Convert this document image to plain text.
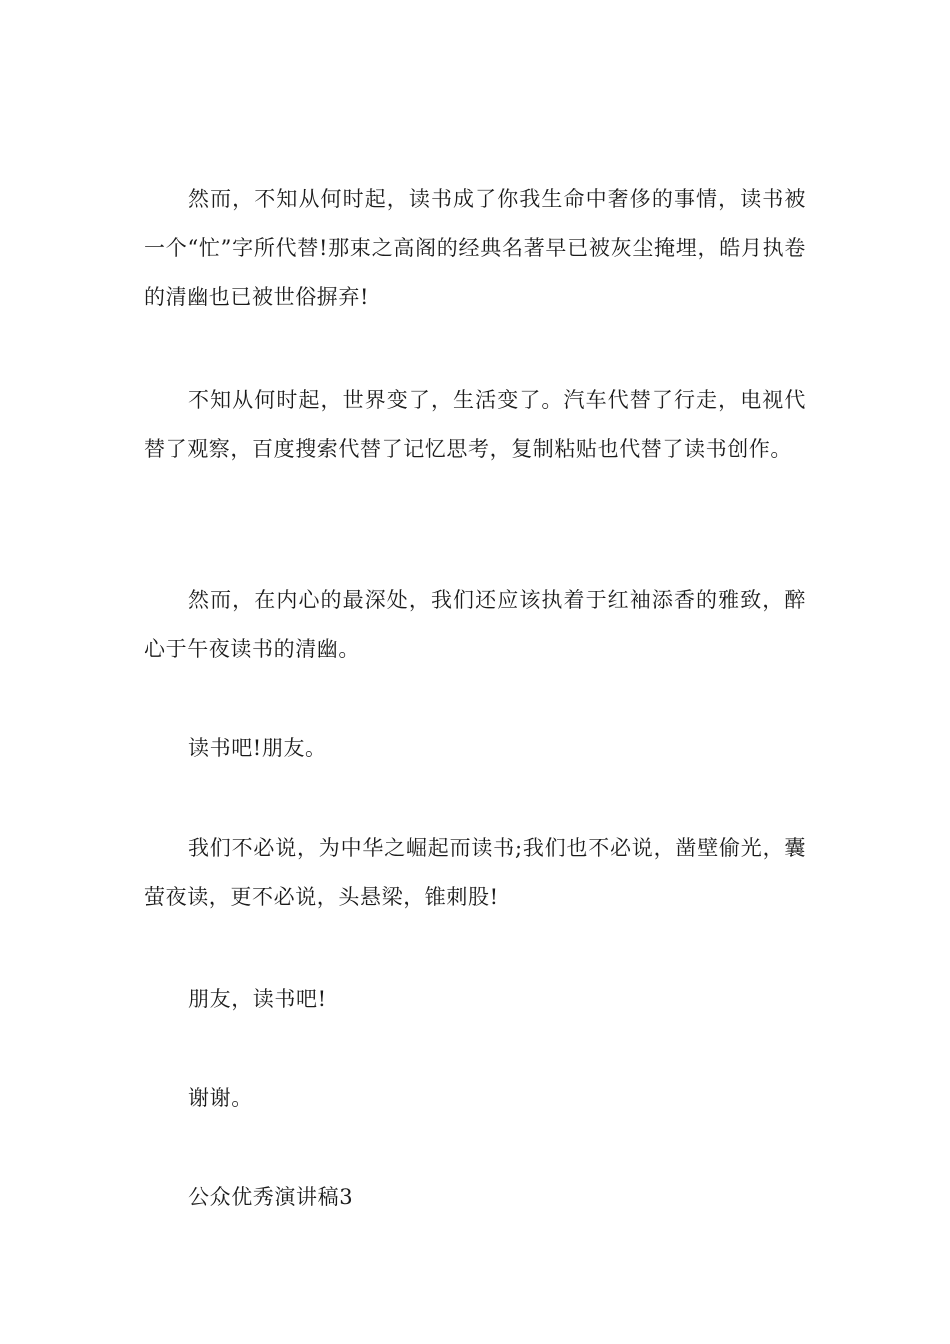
然而，不知从何时起，读书成了你我生命中奢侈的事情，读书被一个“忙”字所代替!那束之高阁的经典名著早已被灰尘掩埋，皓月执卷的清幽也已被世俗摒弃!

不知从何时起，世界变了，生活变了。汽车代替了行走，电视代替了观察，百度搜索代替了记忆思考，复制粘贴也代替了读书创作。

然而，在内心的最深处，我们还应该执着于红袖添香的雅致，醉心于午夜读书的清幽。

读书吧!朋友。

我们不必说，为中华之崛起而读书;我们也不必说，凿壁偷光，囊萤夜读，更不必说，头悬梁，锥刺股!

朋友，读书吧!

谢谢。

公众优秀演讲稿3
